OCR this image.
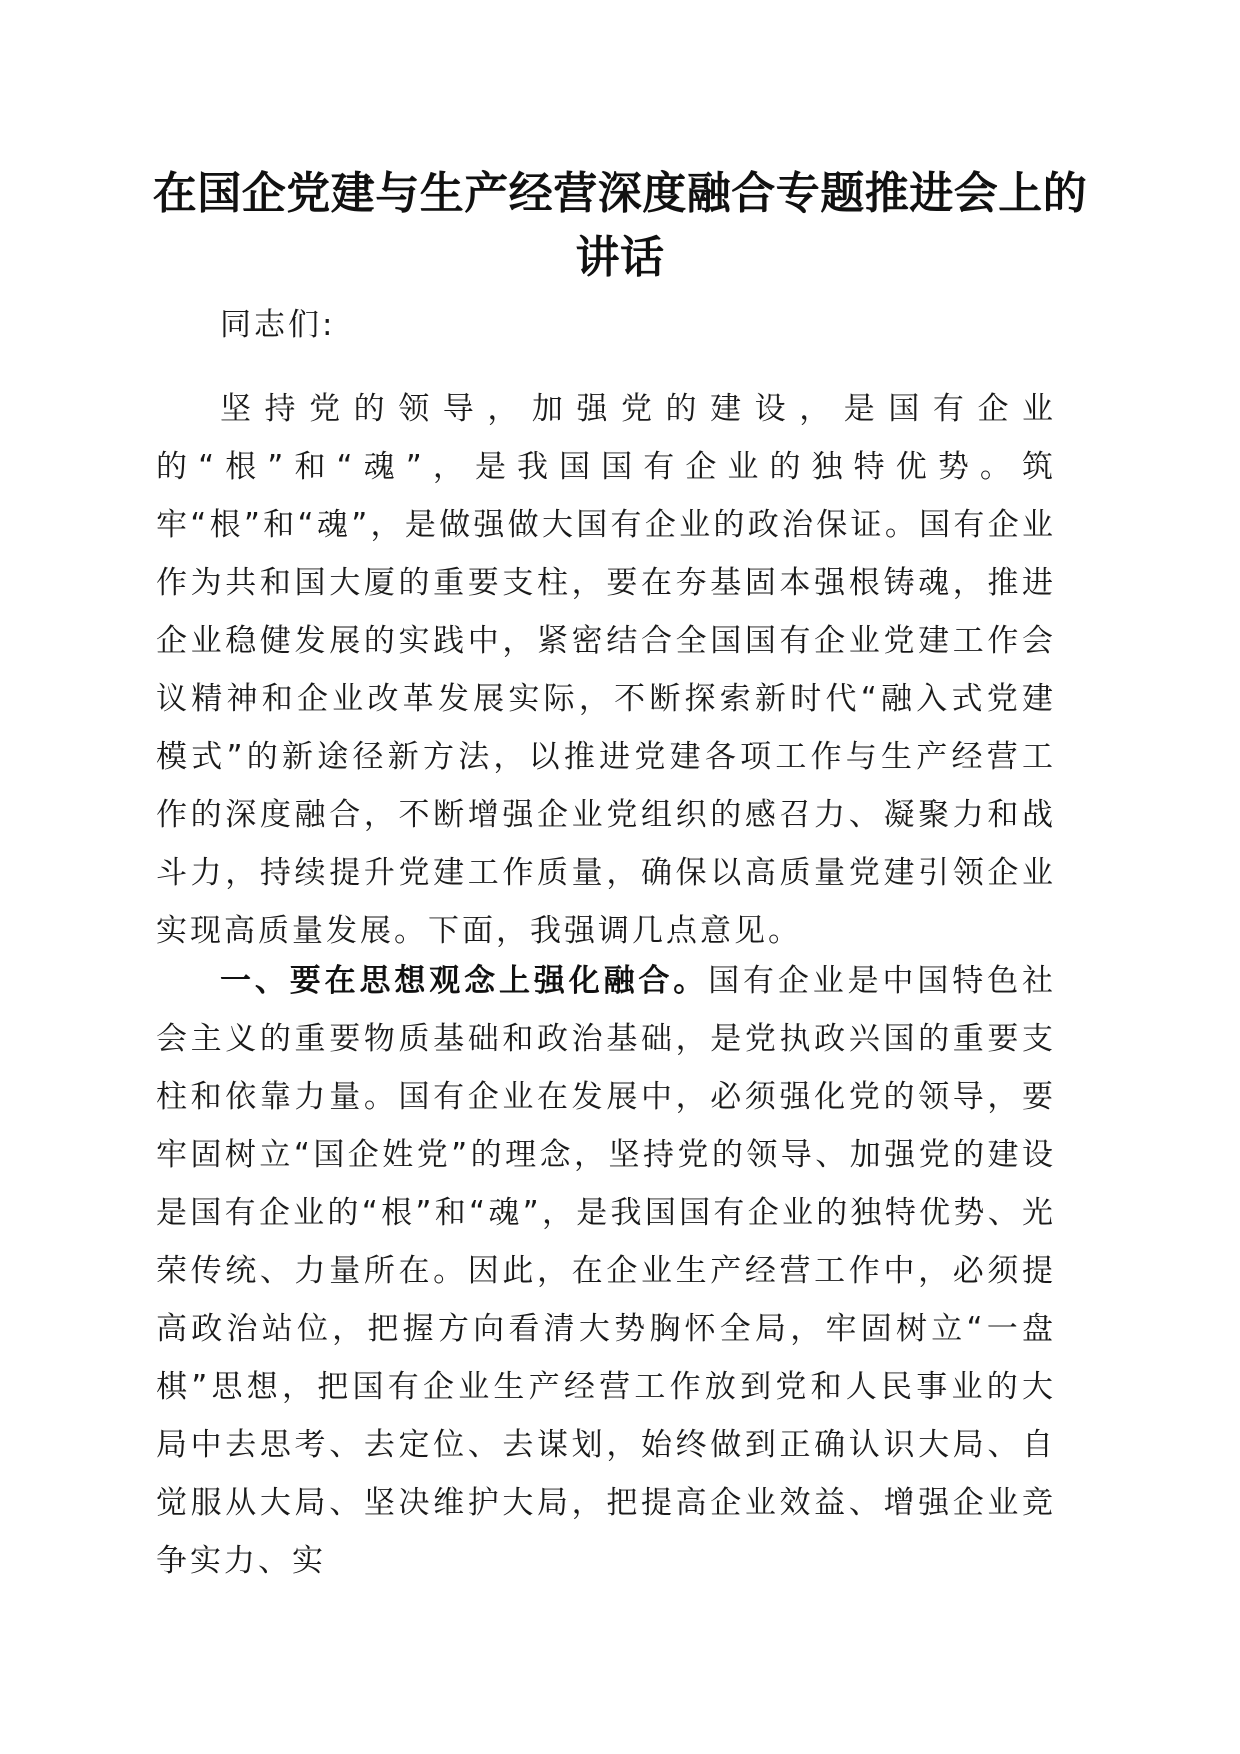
在国企党建与生产经营深度融合专题推进会上的讲话

同志们:

坚持党的领导，加强党的建设，是国有企业的“根”和“魂”，是我国国有企业的独特优势。筑牢“根”和“魂”，是做强做大国有企业的政治保证。国有企业作为共和国大厦的重要支柱，要在夯基固本强根铸魂，推进企业稳健发展的实践中，紧密结合全国国有企业党建工作会议精神和企业改革发展实际，不断探索新时代“融入式党建模式”的新途径新方法，以推进党建各项工作与生产经营工作的深度融合，不断增强企业党组织的感召力、凝聚力和战斗力，持续提升党建工作质量，确保以高质量党建引领企业实现高质量发展。下面，我强调几点意见。

一、要在思想观念上强化融合。国有企业是中国特色社会主义的重要物质基础和政治基础，是党执政兴国的重要支柱和依靠力量。国有企业在发展中，必须强化党的领导，要牢固树立“国企姓党”的理念，坚持党的领导、加强党的建设是国有企业的“根”和“魂”，是我国国有企业的独特优势、光荣传统、力量所在。因此，在企业生产经营工作中，必须提高政治站位，把握方向看清大势胸怀全局，牢固树立“一盘棋”思想，把国有企业生产经营工作放到党和人民事业的大局中去思考、去定位、去谋划，始终做到正确认识大局、自觉服从大局、坚决维护大局，把提高企业效益、增强企业竞争实力、实
